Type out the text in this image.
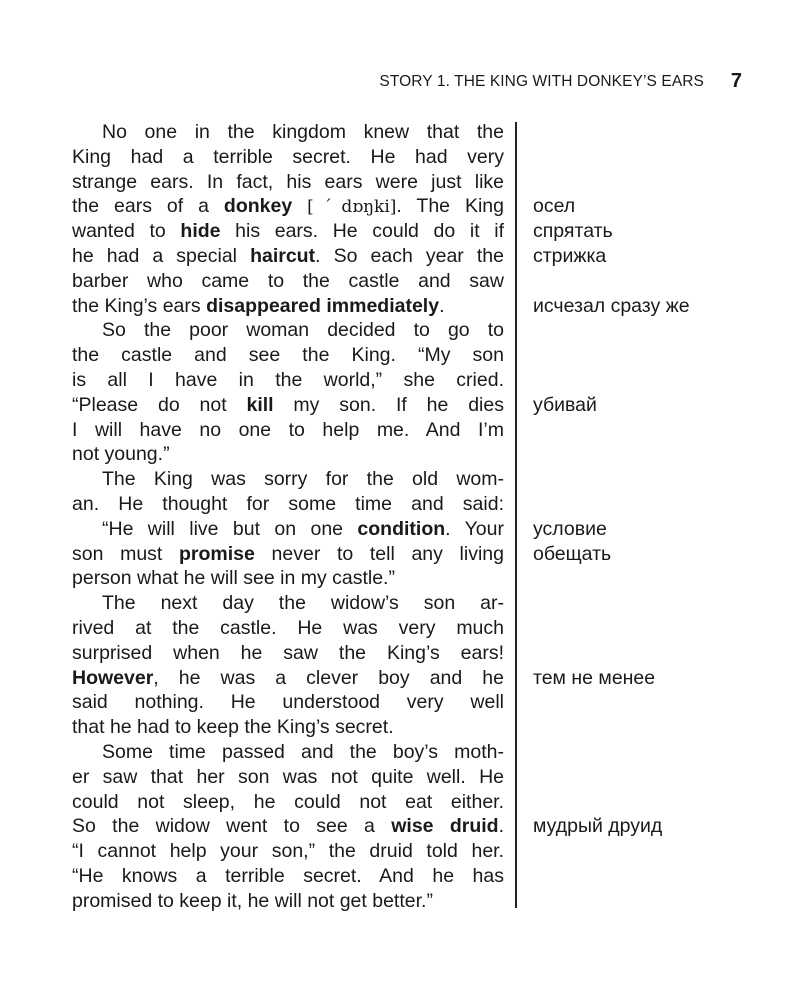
STORY 1. THE KING WITH DONKEY’S EARS 7
No one in the kingdom knew that the
King had a terrible secret. He had very
strange ears. In fact, his ears were just like
the ears of a donkey [ˊdɒŋki]. The King
wanted to hide his ears. He could do it if
he had a special haircut. So each year the
barber who came to the castle and saw
the King’s ears disappeared immediately.
So the poor woman decided to go to
the castle and see the King. “My son
is all I have in the world,” she cried.
“Please do not kill my son. If he dies
I will have no one to help me. And I’m
not young.”
The King was sorry for the old wom-
an. He thought for some time and said:
“He will live but on one condition. Your
son must promise never to tell any living
person what he will see in my castle.”
The next day the widow’s son ar-
rived at the castle. He was very much
surprised when he saw the King’s ears!
However, he was a clever boy and he
said nothing. He understood very well
that he had to keep the King’s secret.
Some time passed and the boy’s moth-
er saw that her son was not quite well. He
could not sleep, he could not eat either.
So the widow went to see a wise druid.
“I cannot help your son,” the druid told her.
“He knows a terrible secret. And he has
promised to keep it, he will not get better.”
осел
спрятать
стрижка
исчезал сразу же
убивай
условие
обещать
тем не менее
мудрый друид
